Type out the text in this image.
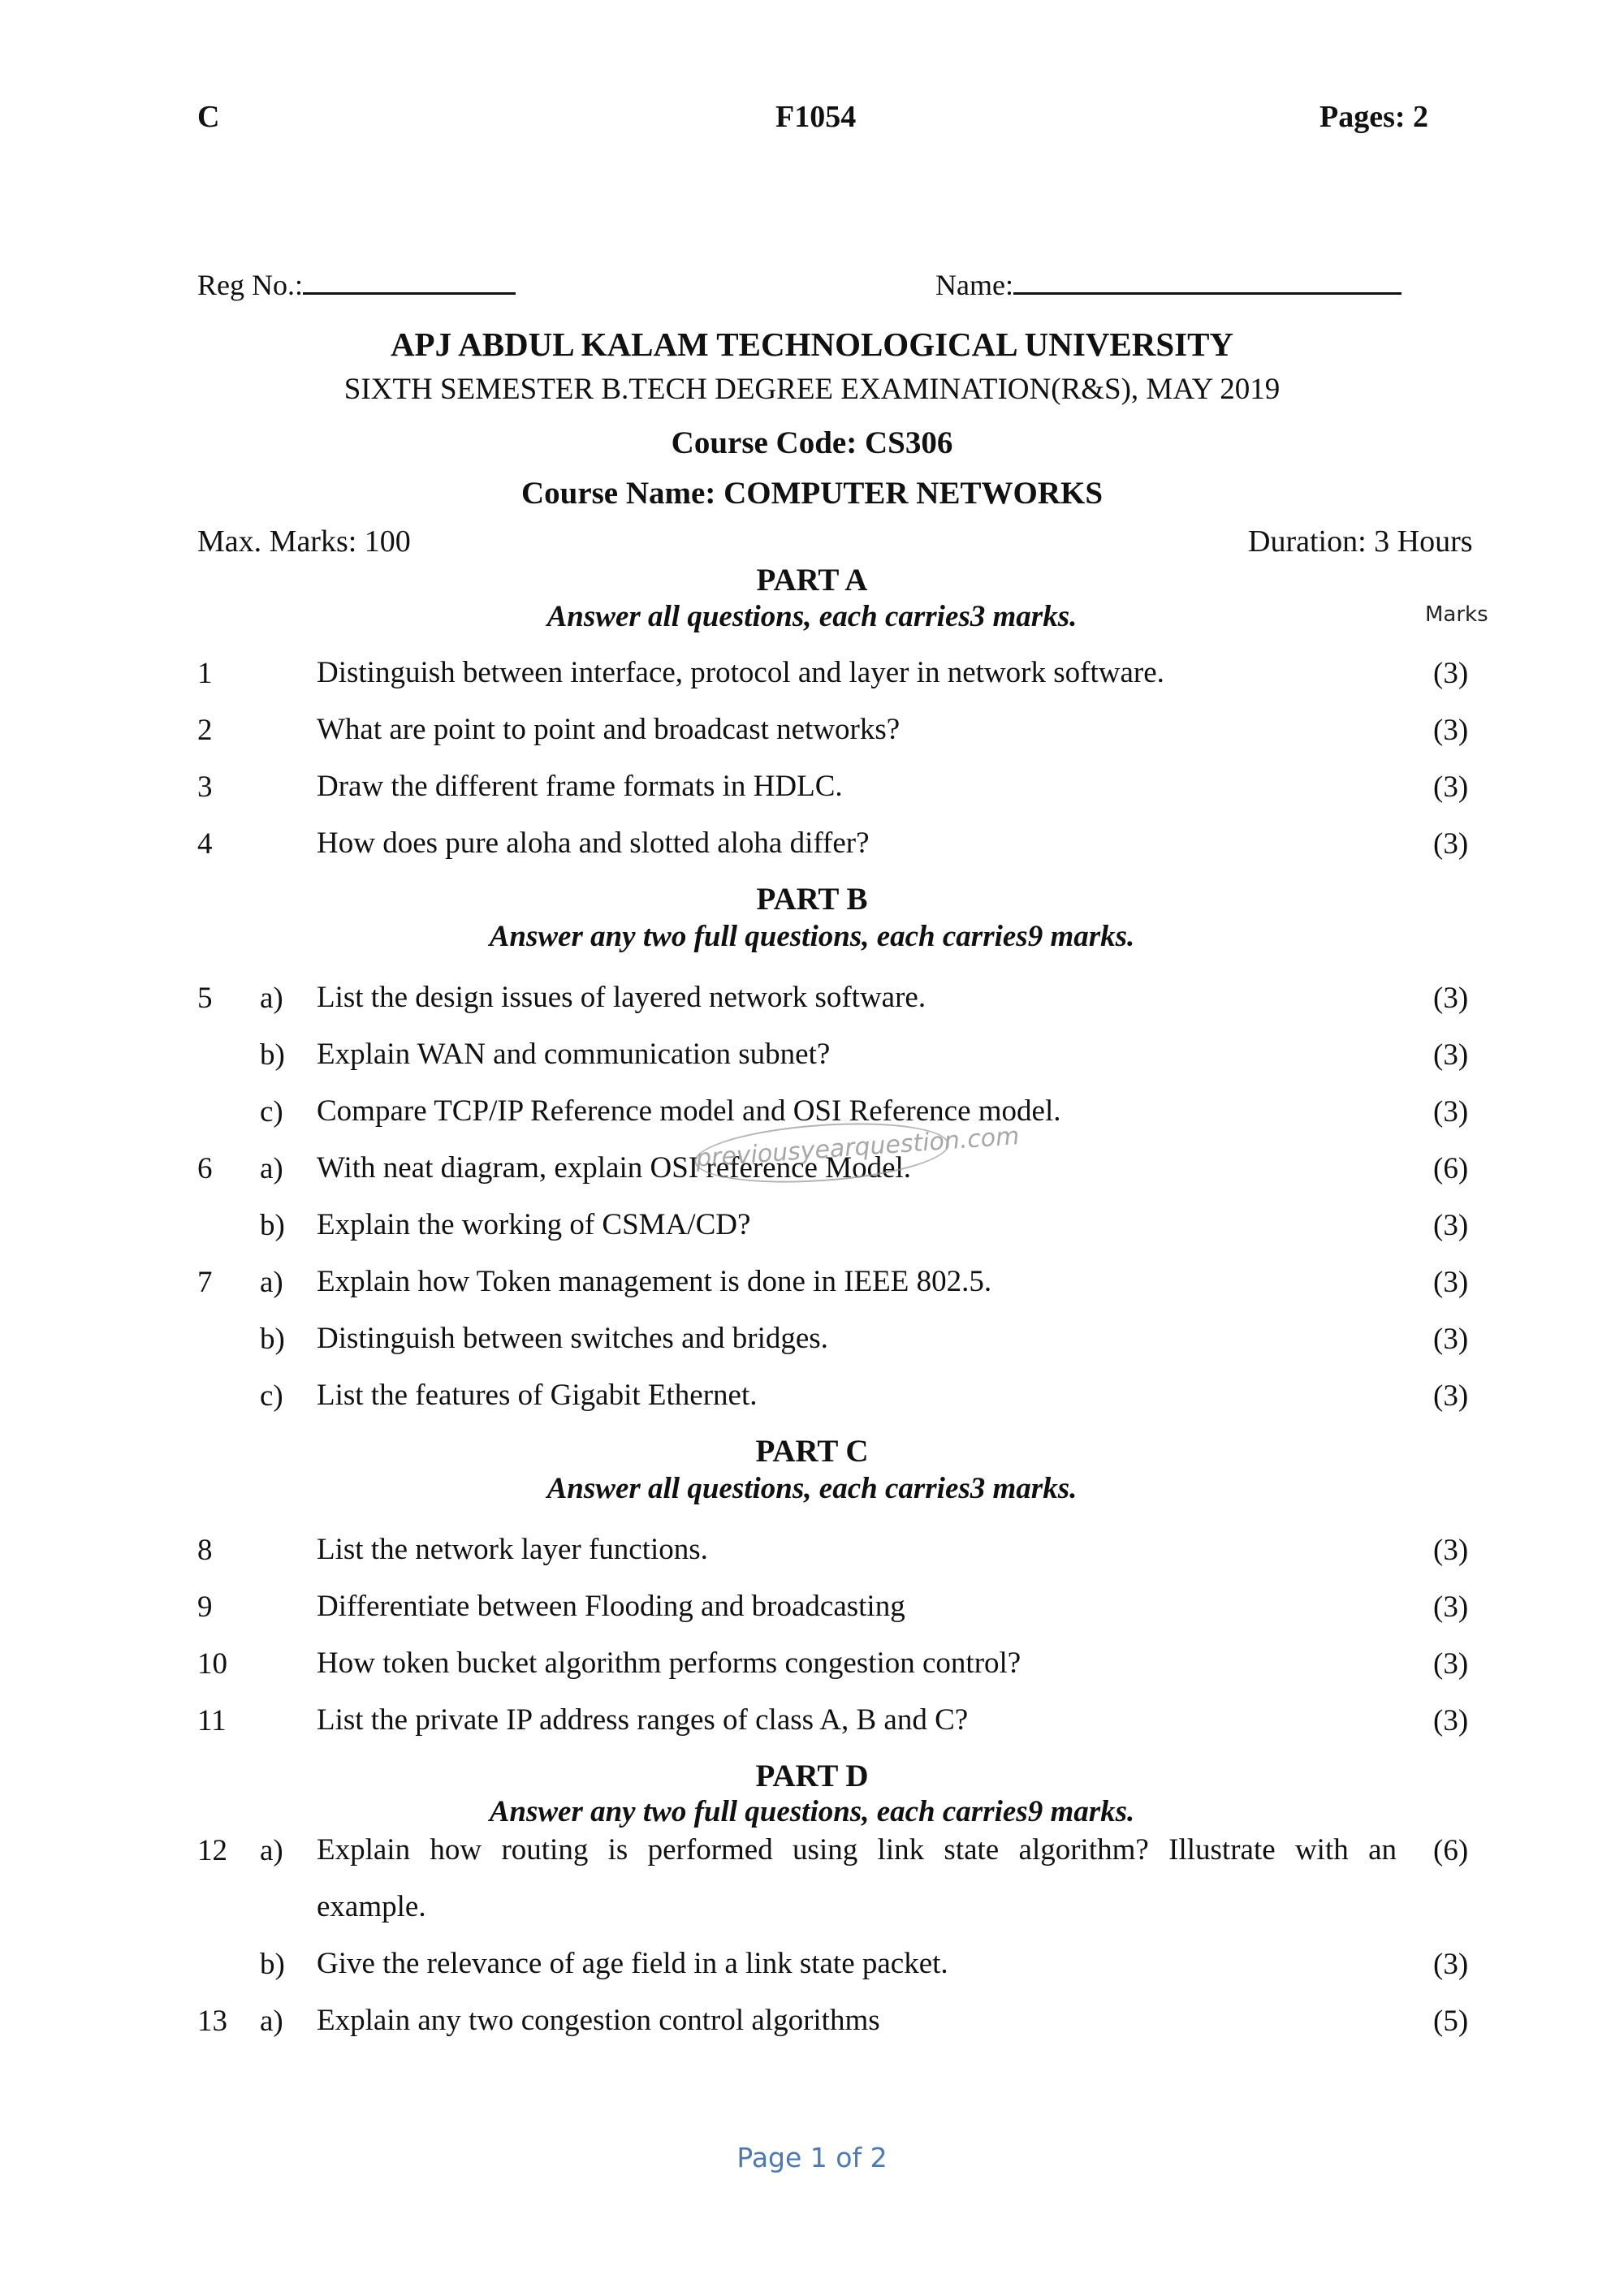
C	F1054	Pages: 2
Reg No.:	Name:
APJ ABDUL KALAM TECHNOLOGICAL UNIVERSITY
SIXTH SEMESTER B.TECH DEGREE EXAMINATION(R&S), MAY 2019
Course Code: CS306
Course Name: COMPUTER NETWORKS
Max. Marks: 100	Duration: 3 Hours
PART A
Answer all questions, each carries3 marks.	Marks
1	Distinguish between interface, protocol and layer in network software.	(3)
2	What are point to point and broadcast networks?	(3)
3	Draw the different frame formats in HDLC.	(3)
4	How does pure aloha and slotted aloha differ?	(3)
PART B
Answer any two full questions, each carries9 marks.
5 a) List the design issues of layered network software.	(3)
b) Explain WAN and communication subnet?	(3)
c) Compare TCP/IP Reference model and OSI Reference model.	(3)
6 a) With neat diagram, explain OSI reference Model.	(6)
b) Explain the working of CSMA/CD?	(3)
7 a) Explain how Token management is done in IEEE 802.5.	(3)
b) Distinguish between switches and bridges.	(3)
c) List the features of Gigabit Ethernet.	(3)
PART C
Answer all questions, each carries3 marks.
8	List the network layer functions.	(3)
9	Differentiate between Flooding and broadcasting	(3)
10	How token bucket algorithm performs congestion control?	(3)
11	List the private IP address ranges of class A, B and C?	(3)
PART D
Answer any two full questions, each carries9 marks.
12 a) Explain how routing is performed using link state algorithm? Illustrate with an (6)
example.
b) Give the relevance of age field in a link state packet.	(3)
13 a) Explain any two congestion control algorithms	(5)
previousyearquestion.com
Page 1 of 2
